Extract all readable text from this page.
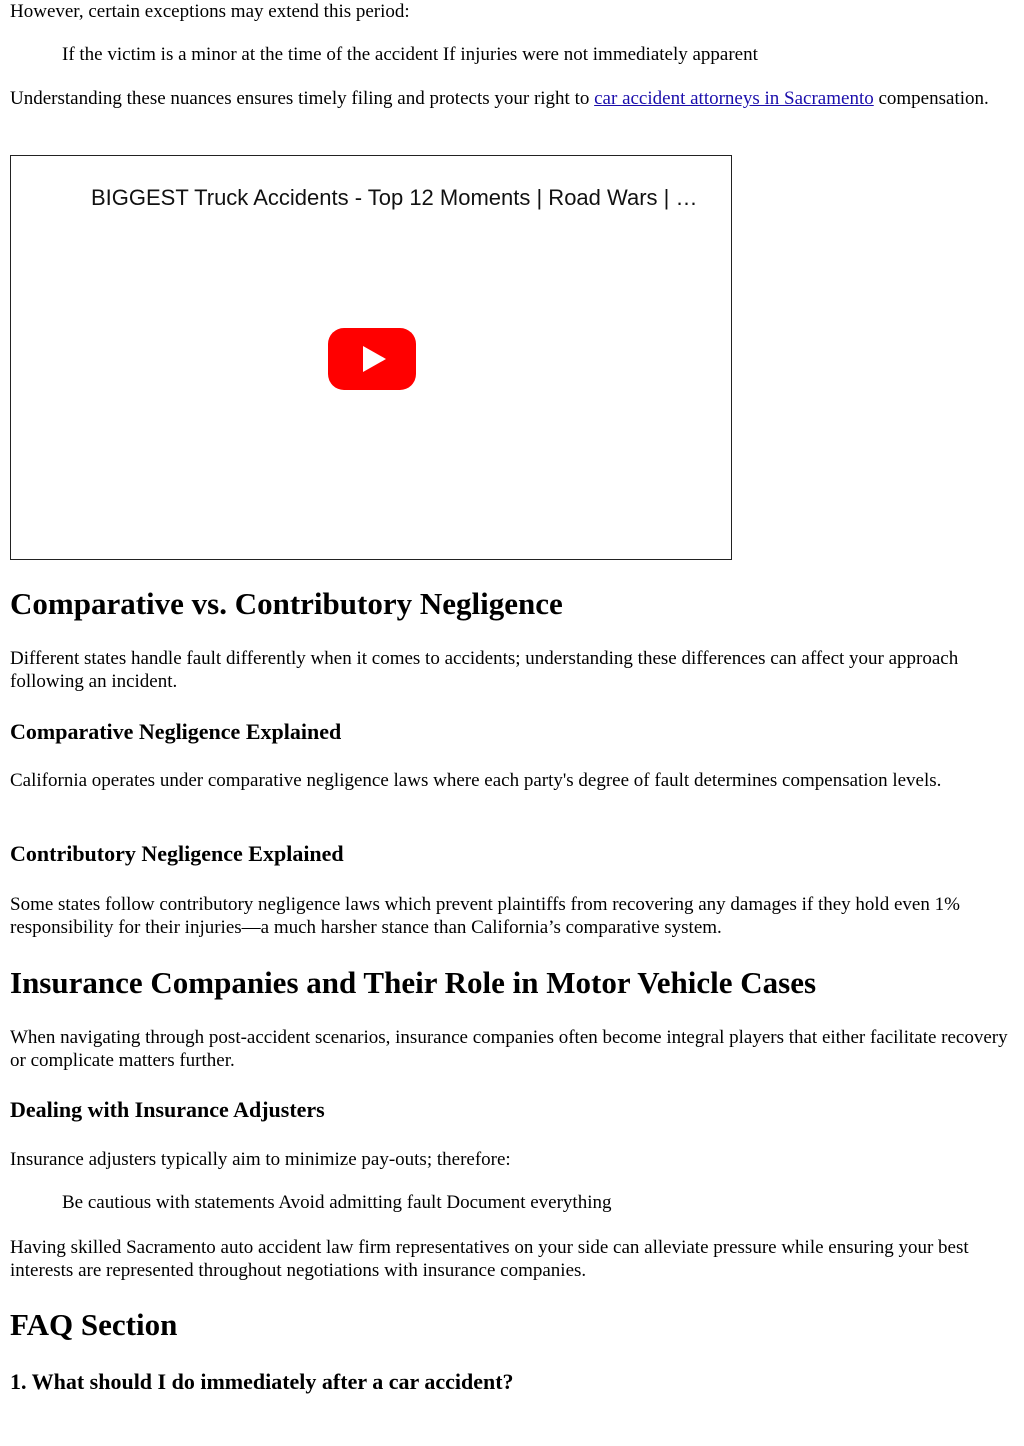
However, certain exceptions may extend this period:

If the victim is a minor at the time of the accident If injuries were not immediately apparent

Understanding these nuances ensures timely filing and protects your right to car accident attorneys in Sacramento compensation.

BIGGEST Truck Accidents - Top 12 Moments | Road Wars | …
Comparative vs. Contributory Negligence

Different states handle fault differently when it comes to accidents; understanding these differences can affect your approach following an incident.

Comparative Negligence Explained

California operates under comparative negligence laws where each party's degree of fault determines compensation levels.

Contributory Negligence Explained

Some states follow contributory negligence laws which prevent plaintiffs from recovering any damages if they hold even 1% responsibility for their injuries—a much harsher stance than California’s comparative system.

Insurance Companies and Their Role in Motor Vehicle Cases

When navigating through post-accident scenarios, insurance companies often become integral players that either facilitate recovery or complicate matters further.

Dealing with Insurance Adjusters

Insurance adjusters typically aim to minimize pay-outs; therefore:

Be cautious with statements Avoid admitting fault Document everything

Having skilled Sacramento auto accident law firm representatives on your side can alleviate pressure while ensuring your best interests are represented throughout negotiations with insurance companies.

FAQ Section
1. What should I do immediately after a car accident?
